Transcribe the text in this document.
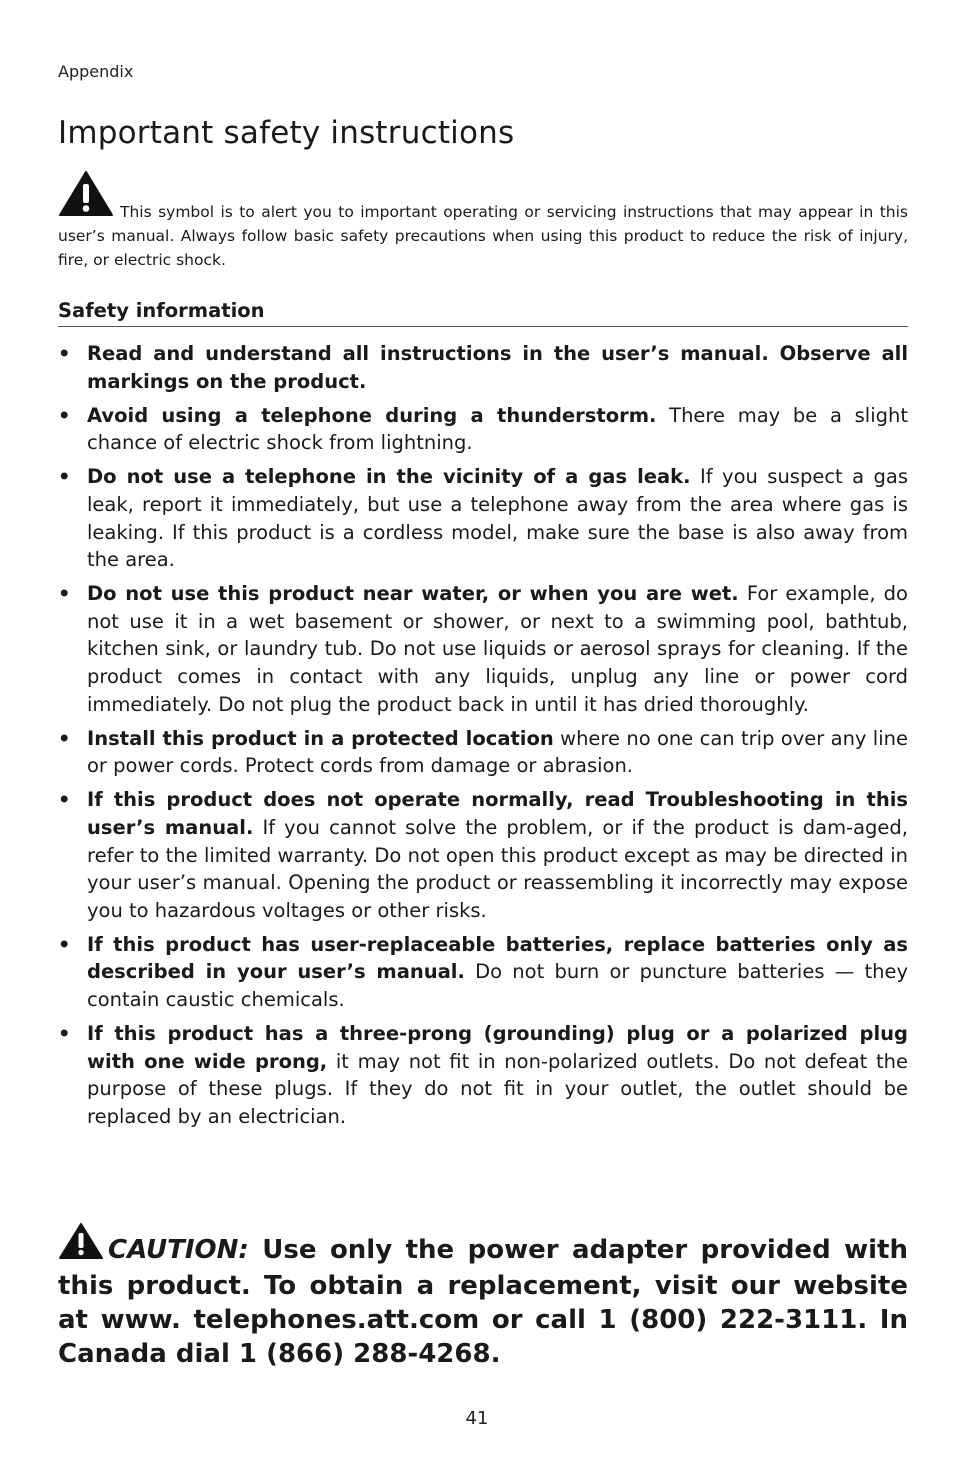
Appendix
Important safety instructions
This symbol is to alert you to important operating or servicing instructions that may appear in this user’s manual. Always follow basic safety precautions when using this product to reduce the risk of injury, fire, or electric shock.
Safety information
• Read and understand all instructions in the user’s manual. Observe all markings on the product.
• Avoid using a telephone during a thunderstorm. There may be a slight chance of electric shock from lightning.
• Do not use a telephone in the vicinity of a gas leak. If you suspect a gas leak, report it immediately, but use a telephone away from the area where gas is leaking. If this product is a cordless model, make sure the base is also away from the area.
• Do not use this product near water, or when you are wet. For example, do not use it in a wet basement or shower, or next to a swimming pool, bathtub, kitchen sink, or laundry tub. Do not use liquids or aerosol sprays for cleaning. If the product comes in contact with any liquids, unplug any line or power cord immediately. Do not plug the product back in until it has dried thoroughly.
• Install this product in a protected location where no one can trip over any line or power cords. Protect cords from damage or abrasion.
• If this product does not operate normally, read Troubleshooting in this user’s manual. If you cannot solve the problem, or if the product is dam-aged, refer to the limited warranty. Do not open this product except as may be directed in your user’s manual. Opening the product or reassembling it incorrectly may expose you to hazardous voltages or other risks.
• If this product has user-replaceable batteries, replace batteries only as described in your user’s manual. Do not burn or puncture batteries — they contain caustic chemicals.
• If this product has a three-prong (grounding) plug or a polarized plug with one wide prong, it may not fit in non-polarized outlets. Do not defeat the purpose of these plugs. If they do not fit in your outlet, the outlet should be replaced by an electrician.
CAUTION: Use only the power adapter provided with this product. To obtain a replacement, visit our website at www. telephones.att.com or call 1 (800) 222-3111. In Canada dial 1 (866) 288-4268.
41
